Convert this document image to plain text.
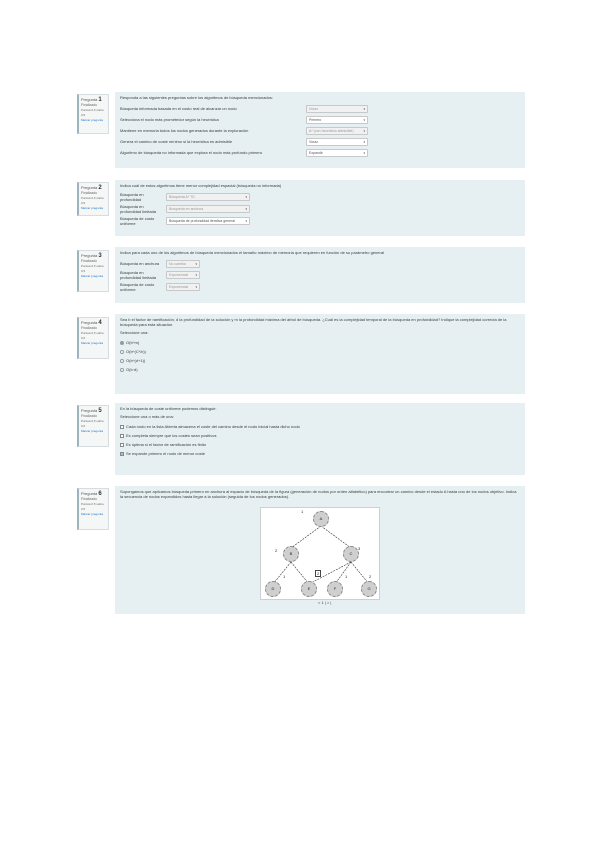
Pregunta 1
Finalizado
Puntúa 0,5 sobre 0,5
Marcar pregunta
Responda a las siguientes preguntas sobre los algoritmos de búsqueda mencionados:
Búsqueda informada basada en el costo real de alcanzar un nodo	Voraz ▾

Selecciona el nodo más prometedor según la heurística	Primero ▾

Mantiene en memoria todos los nodos generados durante la exploración	A* (con heurística admisible) ▾

Genera el camino de coste mínimo si la heurística es admisible	Voraz ▾

Algoritmo de búsqueda no informada que explora el nodo más profundo primero	Expandir ▾
Pregunta 2
Finalizado
Puntúa 0,5 sobre 0,5
Marcar pregunta
Indica cuál de estos algoritmos tiene menor complejidad espacial (búsqueda no informada)
Búsqueda en profundidad	Búsqueda A* TD ▾

Búsqueda en profundidad limitada	Búsqueda en anchura ▾

Búsqueda de costo uniforme	Búsqueda de profundidad iterativa general ▾
Pregunta 3
Finalizado
Puntúa 0,5 sobre 0,5
Marcar pregunta
Indica para cada uno de los algoritmos de búsqueda mencionados el tamaño máximo de memoria que requieren en función de su parámetro general
Búsqueda en anchura	No cambia ▾

Búsqueda en profundidad limitada	Exponencial ▾

Búsqueda de costo uniforme	Exponencial ▾
Pregunta 4
Finalizado
Puntúa 0,5 sobre 0,5
Marcar pregunta
Sea b el factor de ramificación, d la profundidad de la solución y m la profundidad máxima del árbol de búsqueda. ¿Cuál es la complejidad temporal de la búsqueda en profundidad? Indique la complejidad correcta de la búsqueda para esta situación.
Seleccione una:
O(b^m)
O(b^(C*/ε))
O(b^(d+1))
O(b·d)
Pregunta 5
Finalizado
Puntúa 0,5 sobre 0,5
Marcar pregunta
En la búsqueda de coste uniforme podemos distinguir:
Seleccione una o más de una:
Cada nodo en la lista Abierta almacena el coste del camino desde el nodo inicial hasta dicho nodo
Es completa siempre que los costes sean positivos
Es óptima si el factor de ramificación es finito
Se expande primero el nodo de menor coste
Pregunta 6
Finalizado
Puntúa 0,5 sobre 0,5
Marcar pregunta
Supongamos que aplicamos búsqueda primero en anchura al espacio de búsqueda de la figura (generación de nodos por orden alfabético) para encontrar un camino desde el estado A hasta uno de los nodos objetivo. Indica la secuencia de nodos expandidos hasta llegar a la solución (seguida de los nodos generados).
A
B	C
D	E	F	G
1
2	3
1
2
1	2
< 1 | > |
